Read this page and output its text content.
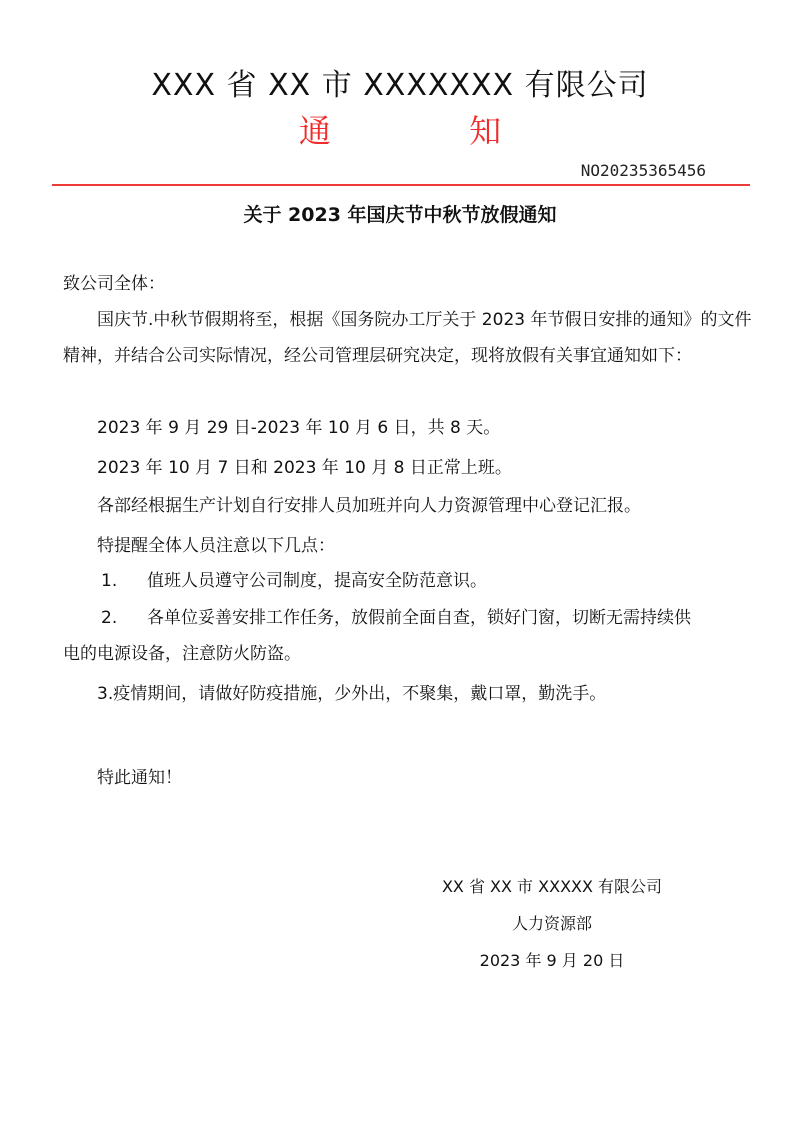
XXX 省 XX 市 XXXXXXX 有限公司
通 知
NO20235365456
关于 2023 年国庆节中秋节放假通知
致公司全体：
国庆节.中秋节假期将至，根据《国务院办工厅关于 2023 年节假日安排的通知》的文件精神，并结合公司实际情况，经公司管理层研究决定，现将放假有关事宜通知如下：
2023 年 9 月 29 日-2023 年 10 月 6 日，共 8 天。
2023 年 10 月 7 日和 2023 年 10 月 8 日正常上班。
各部经根据生产计划自行安排人员加班并向人力资源管理中心登记汇报。
特提醒全体人员注意以下几点：
1. 值班人员遵守公司制度，提高安全防范意识。
2. 各单位妥善安排工作任务，放假前全面自查，锁好门窗，切断无需持续供
电的电源设备，注意防火防盗。
3.疫情期间，请做好防疫措施，少外出，不聚集，戴口罩，勤洗手。
特此通知！
XX 省 XX 市 XXXXX 有限公司
人力资源部
2023 年 9 月 20 日
